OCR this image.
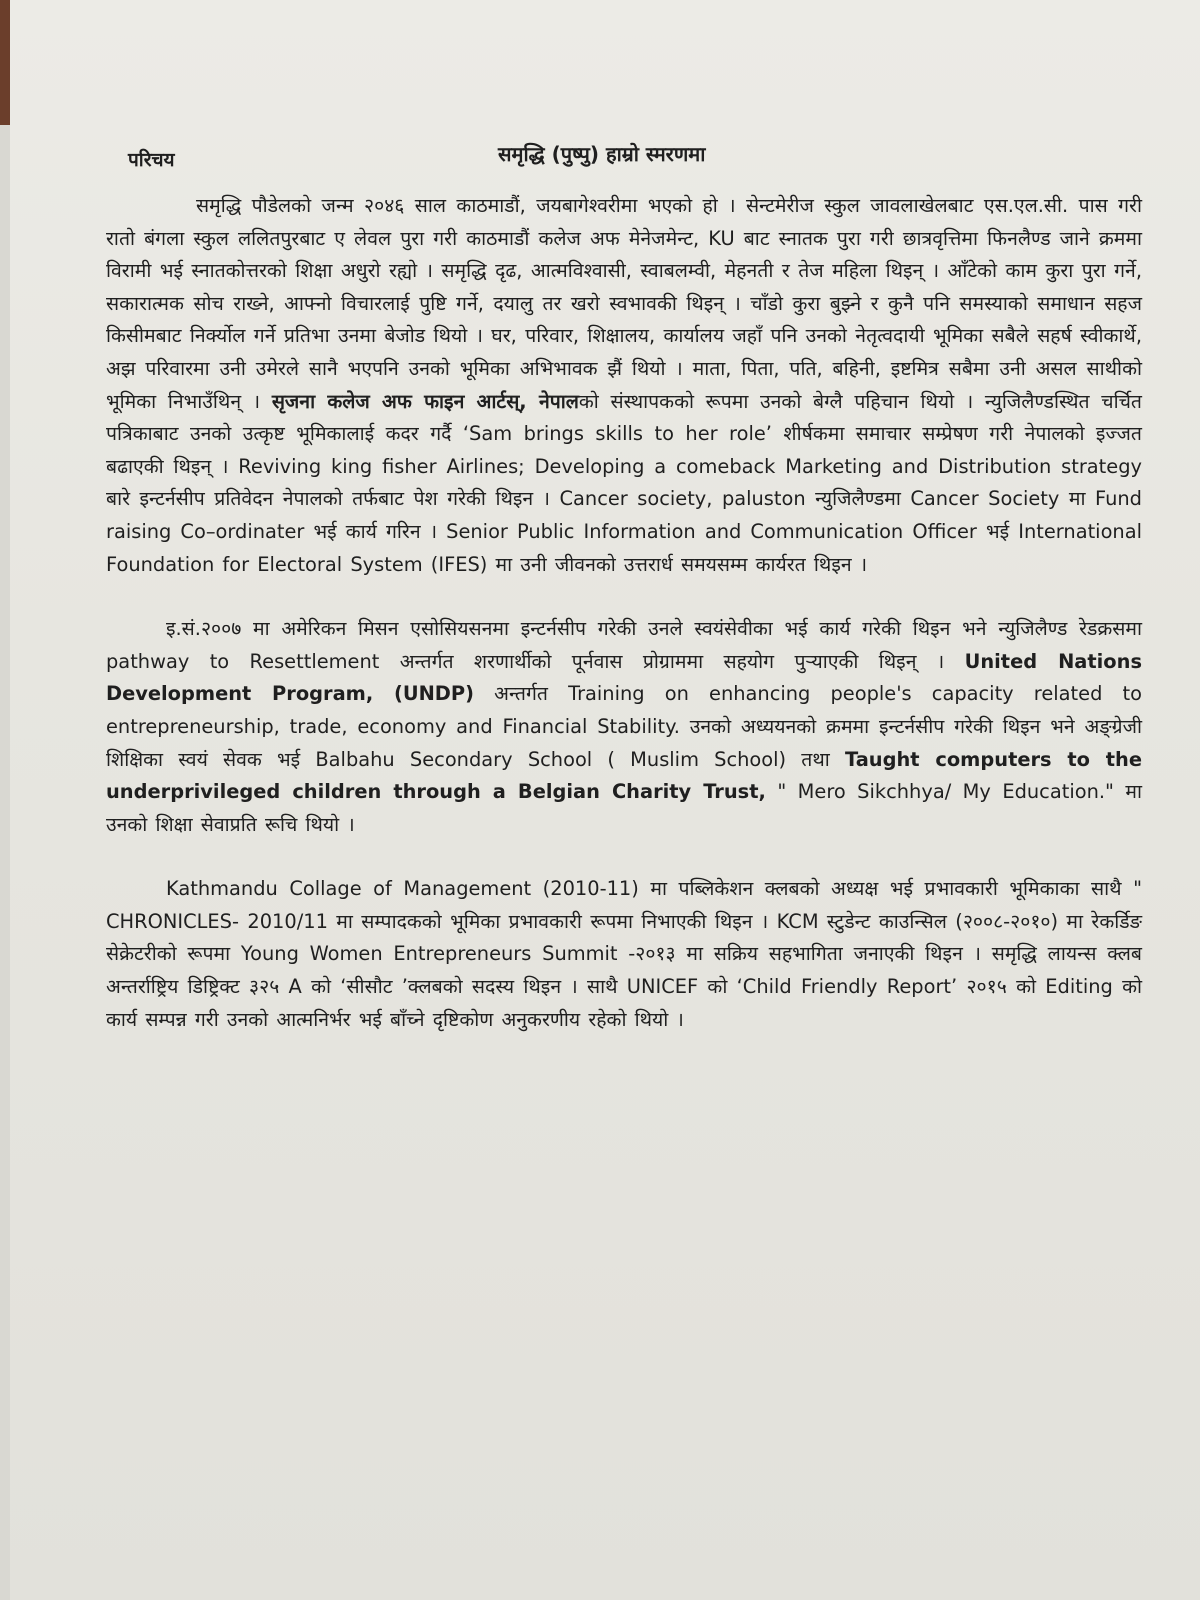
परिचय	समृद्धि (पुष्पु) हाम्रो स्मरणमा

समृद्धि पौडेलको जन्म २०४६ साल काठमाडौं, जयबागेश्वरीमा भएको हो । सेन्टमेरीज स्कुल जावलाखेलबाट एस.एल.सी. पास गरी रातो बंगला स्कुल ललितपुरबाट ए लेवल पुरा गरी काठमाडौं कलेज अफ मेनेजमेन्ट, KU बाट स्नातक पुरा गरी छात्रवृत्तिमा फिनलैण्ड जाने क्रममा विरामी भई स्नातकोत्तरको शिक्षा अधुरो रह्यो । समृद्धि दृढ, आत्मविश्वासी, स्वाबलम्वी, मेहनती र तेज महिला थिइन् । आँटेको काम कुरा पुरा गर्ने, सकारात्मक सोच राख्ने, आफ्नो विचारलाई पुष्टि गर्ने, दयालु तर खरो स्वभावकी थिइन् । चाँडो कुरा बुझ्ने र कुनै पनि समस्याको समाधान सहज किसीमबाट निर्क्योल गर्ने प्रतिभा उनमा बेजोड थियो । घर, परिवार, शिक्षालय, कार्यालय जहाँ पनि उनको नेतृत्वदायी भूमिका सबैले सहर्ष स्वीकार्थे, अझ परिवारमा उनी उमेरले सानै भएपनि उनको भूमिका अभिभावक झैं थियो । माता, पिता, पति, बहिनी, इष्टमित्र सबैमा उनी असल साथीको भूमिका निभाउँथिन् । सृजना कलेज अफ फाइन आर्टस्, नेपालको संस्थापकको रूपमा उनको बेग्लै पहिचान थियो । न्युजिलैण्डस्थित चर्चित पत्रिकाबाट उनको उत्कृष्ट भूमिकालाई कदर गर्दै ‘Sam brings skills to her role’ शीर्षकमा समाचार सम्प्रेषण गरी नेपालको इज्जत बढाएकी थिइन् । Reviving king fisher Airlines; Developing a comeback Marketing and Distribution strategy बारे इन्टर्नसीप प्रतिवेदन नेपालको तर्फबाट पेश गरेकी थिइन । Cancer society, paluston न्युजिलैण्डमा Cancer Society मा Fund raising Co–ordinater भई कार्य गरिन । Senior Public Information and Communication Officer भई International Foundation for Electoral System (IFES) मा उनी जीवनको उत्तरार्ध समयसम्म कार्यरत थिइन ।

इ.सं.२००७ मा अमेरिकन मिसन एसोसियसनमा इन्टर्नसीप गरेकी उनले स्वयंसेवीका भई कार्य गरेकी थिइन भने न्युजिलैण्ड रेडक्रसमा pathway to Resettlement अन्तर्गत शरणार्थीको पूर्नवास प्रोग्राममा सहयोग पुऱ्याएकी थिइन् । United Nations Development Program, (UNDP) अन्तर्गत Training on enhancing people's capacity related to entrepreneurship, trade, economy and Financial Stability. उनको अध्ययनको क्रममा इन्टर्नसीप गरेकी थिइन भने अङ्ग्रेजी शिक्षिका स्वयं सेवक भई Balbahu Secondary School ( Muslim School) तथा Taught computers to the underprivileged children through a Belgian Charity Trust, " Mero Sikchhya/ My Education." मा उनको शिक्षा सेवाप्रति रूचि थियो ।

Kathmandu Collage of Management (2010-11) मा पब्लिकेशन क्लबको अध्यक्ष भई प्रभावकारी भूमिकाका साथै " CHRONICLES- 2010/11 मा सम्पादकको भूमिका प्रभावकारी रूपमा निभाएकी थिइन । KCM स्टुडेन्ट काउन्सिल (२००८-२०१०) मा रेकर्डिङ सेक्रेटरीको रूपमा Young Women Entrepreneurs Summit -२०१३ मा सक्रिय सहभागिता जनाएकी थिइन । समृद्धि लायन्स क्लब अन्तर्राष्ट्रिय डिष्ट्रिक्ट ३२५ A को ‘सीसौट ’क्लबको सदस्य थिइन । साथै UNICEF को ‘Child Friendly Report’ २०१५ को Editing को कार्य सम्पन्न गरी उनको आत्मनिर्भर भई बाँच्ने दृष्टिकोण अनुकरणीय रहेको थियो ।
